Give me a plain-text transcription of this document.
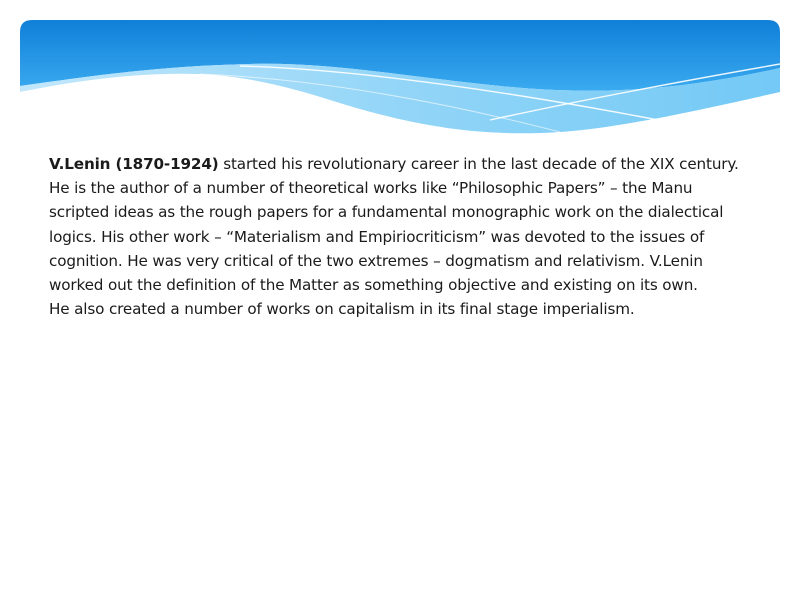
V.Lenin (1870-1924) started his revolutionary career in the last decade of the XIX century. He is the author of a number of theoretical works like “Philosophic Papers” – the Manu scripted ideas as the rough papers for a fundamental monographic work on the dialectical logics. His other work – “Materialism and Empiriocriticism” was devoted to the issues of cognition. He was very critical of the two extremes – dogmatism and relativism. V.Lenin worked out the definition of the Matter as something objective and existing on its own.

He also created a number of works on capitalism in its final stage imperialism.
